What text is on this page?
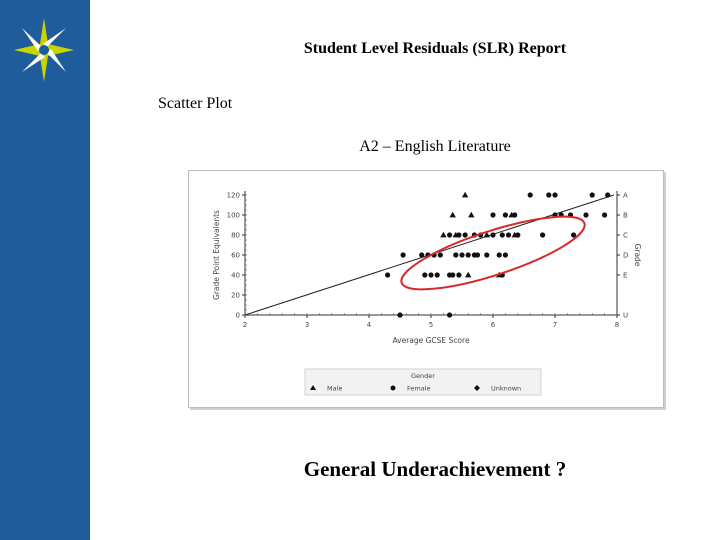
Student Level Residuals (SLR) Report
Scatter Plot
A2 – English Literature
0
20
40
60
80
100
120
2	3	4	5	6	7	8
A
B
C
D
E
U
Average GCSE Score
Grade Point Equivalents	Grade
Gender
Male	Female	Unknown
General Underachievement ?
